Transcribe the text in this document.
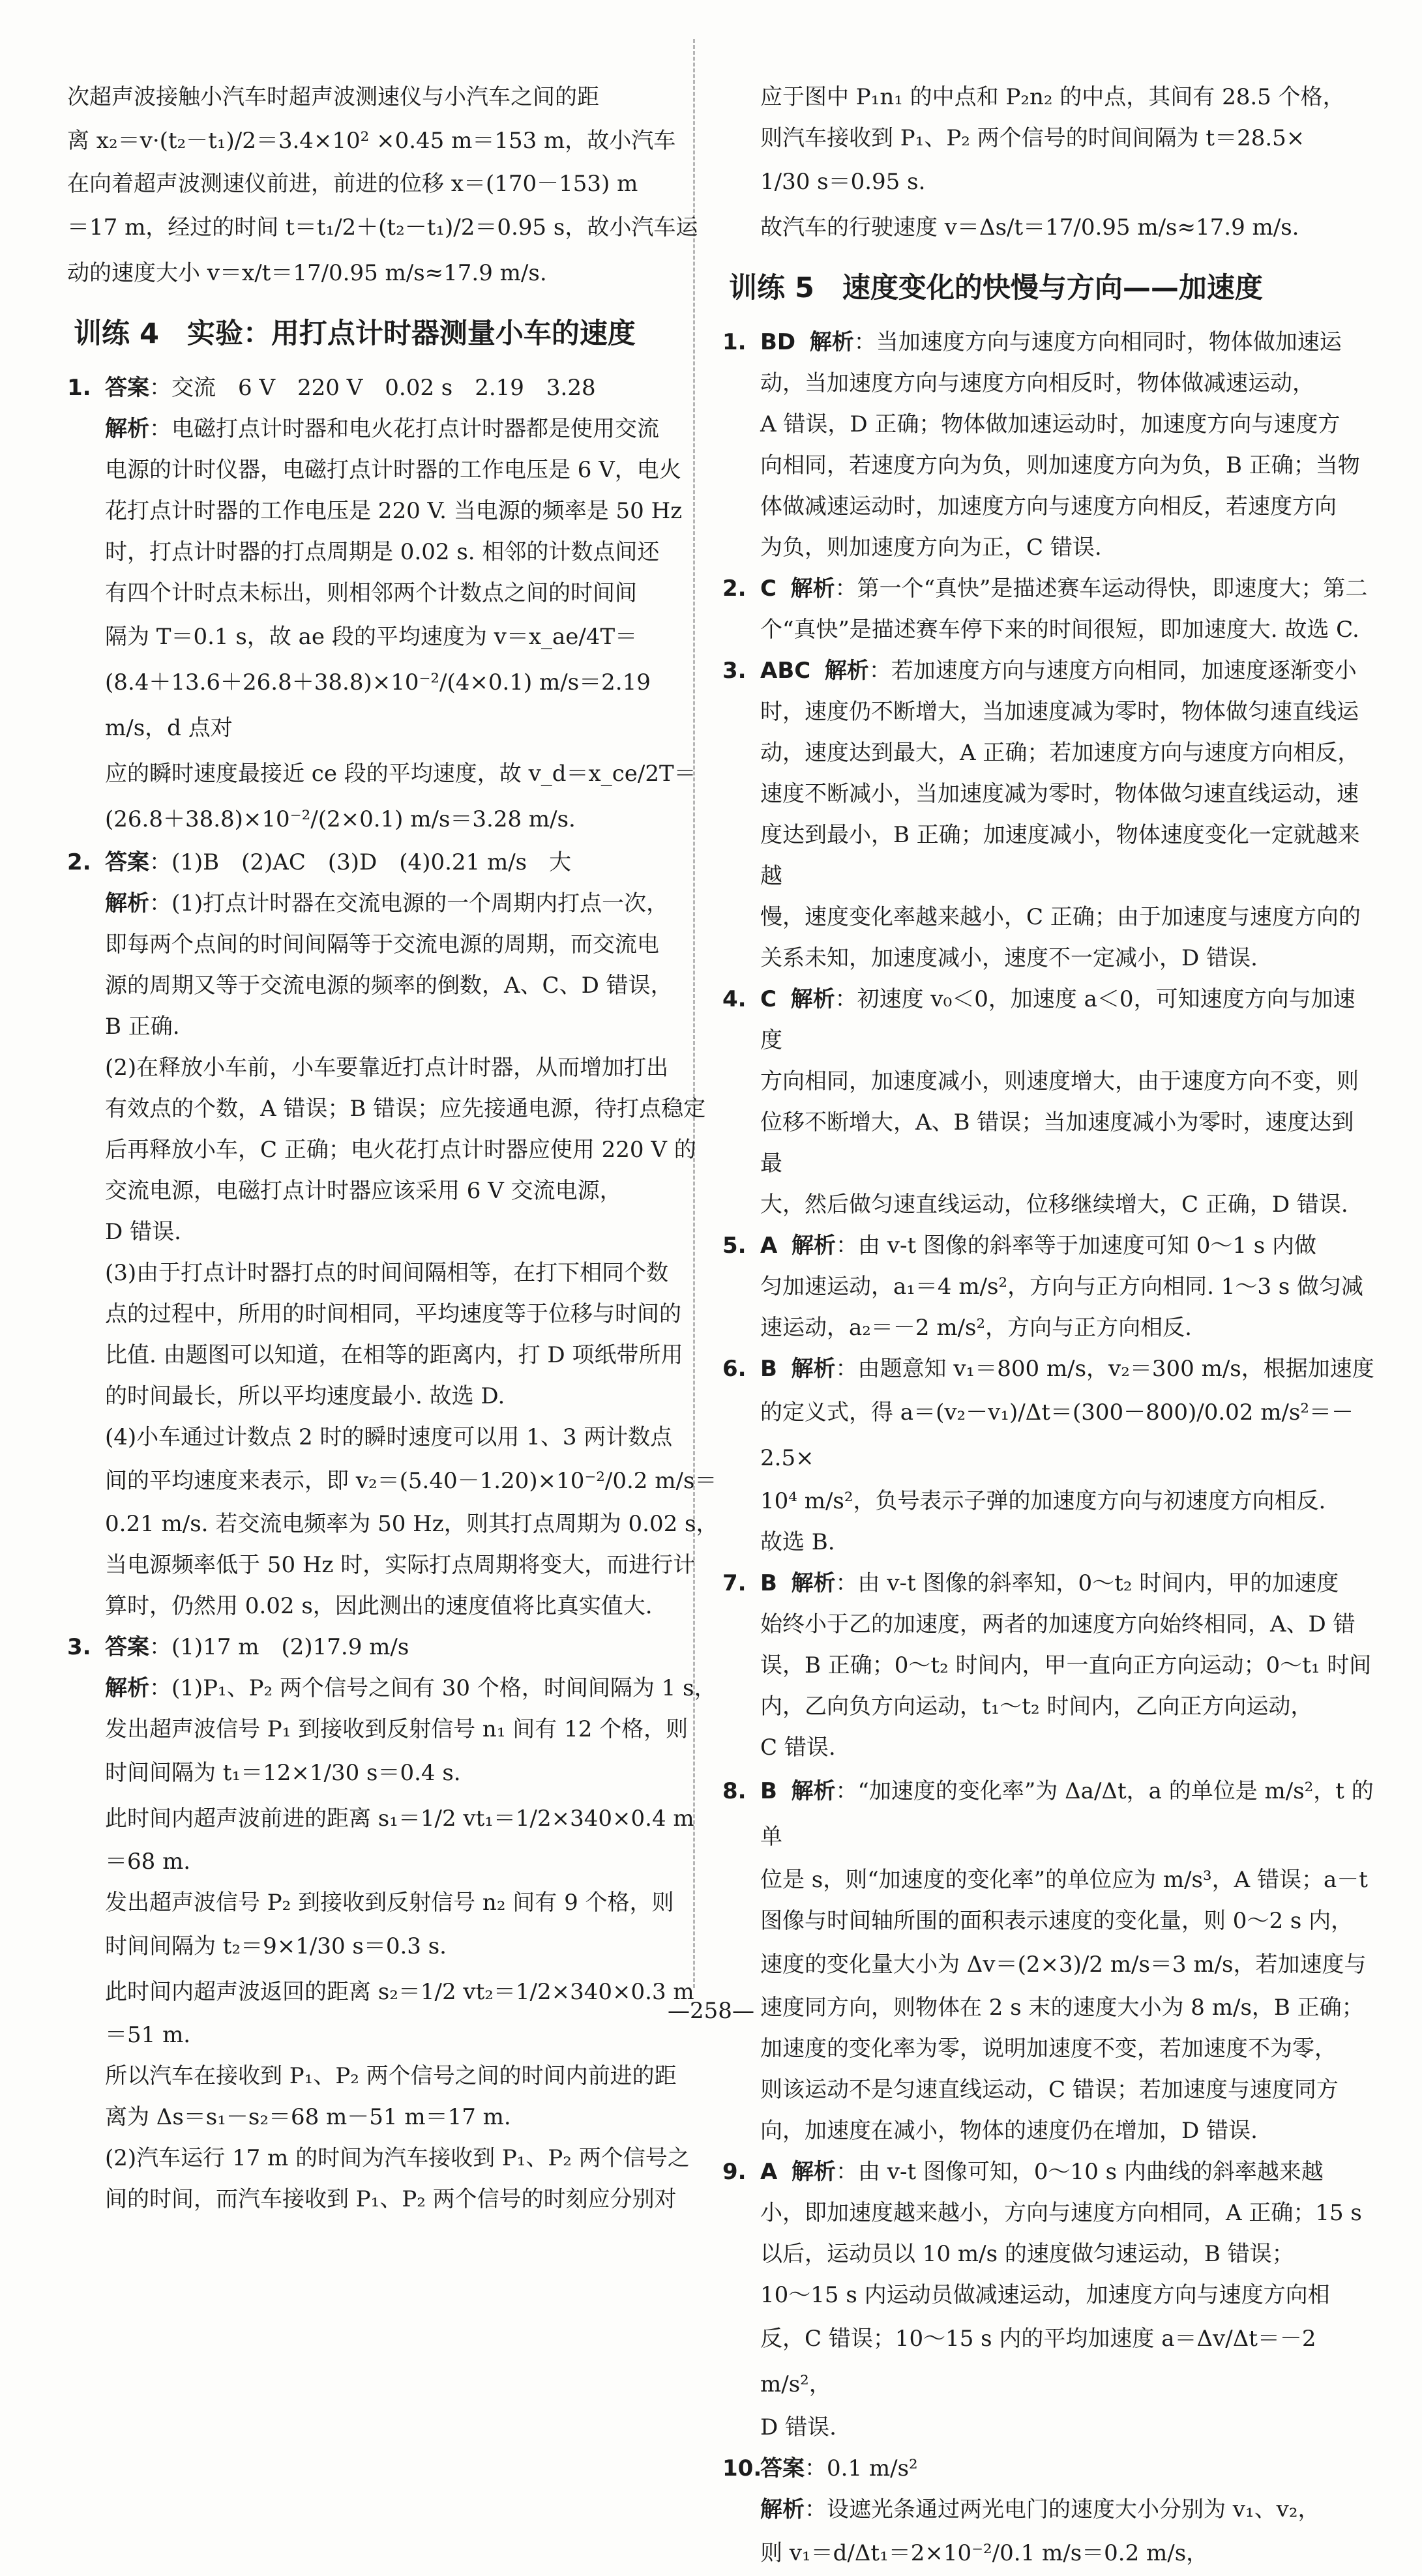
次超声波接触小汽车时超声波测速仪与小汽车之间的距

离 x₂＝v·(t₂－t₁)/2＝3.4×10² ×0.45 m＝153 m，故小汽车

在向着超声波测速仪前进，前进的位移 x＝(170－153) m

＝17 m，经过的时间 t＝t₁/2＋(t₂－t₁)/2＝0.95 s，故小汽车运

动的速度大小 v＝x/t＝17/0.95 m/s≈17.9 m/s.

训练 4　实验：用打点计时器测量小车的速度

1. 答案：交流　6 V　220 V　0.02 s　2.19　3.28

解析：电磁打点计时器和电火花打点计时器都是使用交流

电源的计时仪器，电磁打点计时器的工作电压是 6 V，电火

花打点计时器的工作电压是 220 V. 当电源的频率是 50 Hz

时，打点计时器的打点周期是 0.02 s. 相邻的计数点间还

有四个计时点未标出，则相邻两个计数点之间的时间间

隔为 T＝0.1 s，故 ae 段的平均速度为 v＝x_ae/4T＝

(8.4＋13.6＋26.8＋38.8)×10⁻²/(4×0.1) m/s＝2.19 m/s，d 点对

应的瞬时速度最接近 ce 段的平均速度，故 v_d＝x_ce/2T＝

(26.8＋38.8)×10⁻²/(2×0.1) m/s＝3.28 m/s.

2. 答案：(1)B　(2)AC　(3)D　(4)0.21 m/s　大

解析：(1)打点计时器在交流电源的一个周期内打点一次，

即每两个点间的时间间隔等于交流电源的周期，而交流电

源的周期又等于交流电源的频率的倒数，A、C、D 错误，

B 正确.

(2)在释放小车前，小车要靠近打点计时器，从而增加打出

有效点的个数，A 错误；B 错误；应先接通电源，待打点稳定

后再释放小车，C 正确；电火花打点计时器应使用 220 V 的

交流电源，电磁打点计时器应该采用 6 V 交流电源，

D 错误.

(3)由于打点计时器打点的时间间隔相等，在打下相同个数

点的过程中，所用的时间相同，平均速度等于位移与时间的

比值. 由题图可以知道，在相等的距离内，打 D 项纸带所用

的时间最长，所以平均速度最小. 故选 D.

(4)小车通过计数点 2 时的瞬时速度可以用 1、3 两计数点

间的平均速度来表示，即 v₂＝(5.40－1.20)×10⁻²/0.2 m/s＝

0.21 m/s. 若交流电频率为 50 Hz，则其打点周期为 0.02 s，

当电源频率低于 50 Hz 时，实际打点周期将变大，而进行计

算时，仍然用 0.02 s，因此测出的速度值将比真实值大.

3. 答案：(1)17 m　(2)17.9 m/s

解析：(1)P₁、P₂ 两个信号之间有 30 个格，时间间隔为 1 s，

发出超声波信号 P₁ 到接收到反射信号 n₁ 间有 12 个格，则

时间间隔为 t₁＝12×1/30 s＝0.4 s.

此时间内超声波前进的距离 s₁＝1/2 vt₁＝1/2×340×0.4 m

＝68 m.

发出超声波信号 P₂ 到接收到反射信号 n₂ 间有 9 个格，则

时间间隔为 t₂＝9×1/30 s＝0.3 s.

此时间内超声波返回的距离 s₂＝1/2 vt₂＝1/2×340×0.3 m

＝51 m.

所以汽车在接收到 P₁、P₂ 两个信号之间的时间内前进的距

离为 Δs＝s₁－s₂＝68 m－51 m＝17 m.

(2)汽车运行 17 m 的时间为汽车接收到 P₁、P₂ 两个信号之

间的时间，而汽车接收到 P₁、P₂ 两个信号的时刻应分别对

应于图中 P₁n₁ 的中点和 P₂n₂ 的中点，其间有 28.5 个格，

则汽车接收到 P₁、P₂ 两个信号的时间间隔为 t＝28.5×

1/30 s＝0.95 s.

故汽车的行驶速度 v＝Δs/t＝17/0.95 m/s≈17.9 m/s.

训练 5　速度变化的快慢与方向——加速度

1. BD 解析：当加速度方向与速度方向相同时，物体做加速运

动，当加速度方向与速度方向相反时，物体做减速运动，

A 错误，D 正确；物体做加速运动时，加速度方向与速度方

向相同，若速度方向为负，则加速度方向为负，B 正确；当物

体做减速运动时，加速度方向与速度方向相反，若速度方向

为负，则加速度方向为正，C 错误.

2. C 解析：第一个“真快”是描述赛车运动得快，即速度大；第二

个“真快”是描述赛车停下来的时间很短，即加速度大. 故选 C.

3. ABC 解析：若加速度方向与速度方向相同，加速度逐渐变小

时，速度仍不断增大，当加速度减为零时，物体做匀速直线运

动，速度达到最大，A 正确；若加速度方向与速度方向相反，

速度不断减小，当加速度减为零时，物体做匀速直线运动，速

度达到最小，B 正确；加速度减小，物体速度变化一定就越来越

慢，速度变化率越来越小，C 正确；由于加速度与速度方向的

关系未知，加速度减小，速度不一定减小，D 错误.

4. C 解析：初速度 v₀＜0，加速度 a＜0，可知速度方向与加速度

方向相同，加速度减小，则速度增大，由于速度方向不变，则

位移不断增大，A、B 错误；当加速度减小为零时，速度达到最

大，然后做匀速直线运动，位移继续增大，C 正确，D 错误.

5. A 解析：由 v-t 图像的斜率等于加速度可知 0～1 s 内做

匀加速运动，a₁＝4 m/s²，方向与正方向相同. 1～3 s 做匀减

速运动，a₂＝－2 m/s²，方向与正方向相反.

6. B 解析：由题意知 v₁＝800 m/s，v₂＝300 m/s，根据加速度

的定义式，得 a＝(v₂－v₁)/Δt＝(300－800)/0.02 m/s²＝－2.5×

10⁴ m/s²，负号表示子弹的加速度方向与初速度方向相反.

故选 B.

7. B 解析：由 v-t 图像的斜率知，0～t₂ 时间内，甲的加速度

始终小于乙的加速度，两者的加速度方向始终相同，A、D 错

误，B 正确；0～t₂ 时间内，甲一直向正方向运动；0～t₁ 时间

内，乙向负方向运动，t₁～t₂ 时间内，乙向正方向运动，

C 错误.

8. B 解析：“加速度的变化率”为 Δa/Δt，a 的单位是 m/s²，t 的单

位是 s，则“加速度的变化率”的单位应为 m/s³，A 错误；a－t

图像与时间轴所围的面积表示速度的变化量，则 0～2 s 内，

速度的变化量大小为 Δv＝(2×3)/2 m/s＝3 m/s，若加速度与

速度同方向，则物体在 2 s 末的速度大小为 8 m/s，B 正确；

加速度的变化率为零，说明加速度不变，若加速度不为零，

则该运动不是匀速直线运动，C 错误；若加速度与速度同方

向，加速度在减小，物体的速度仍在增加，D 错误.

9. A 解析：由 v-t 图像可知，0～10 s 内曲线的斜率越来越

小，即加速度越来越小，方向与速度方向相同，A 正确；15 s

以后，运动员以 10 m/s 的速度做匀速运动，B 错误；

10～15 s 内运动员做减速运动，加速度方向与速度方向相

反，C 错误；10～15 s 内的平均加速度 a＝Δv/Δt＝－2 m/s²，

D 错误.

10.答案：0.1 m/s²

解析：设遮光条通过两光电门的速度大小分别为 v₁、v₂，

则 v₁＝d/Δt₁＝2×10⁻²/0.1 m/s＝0.2 m/s，

—258—
